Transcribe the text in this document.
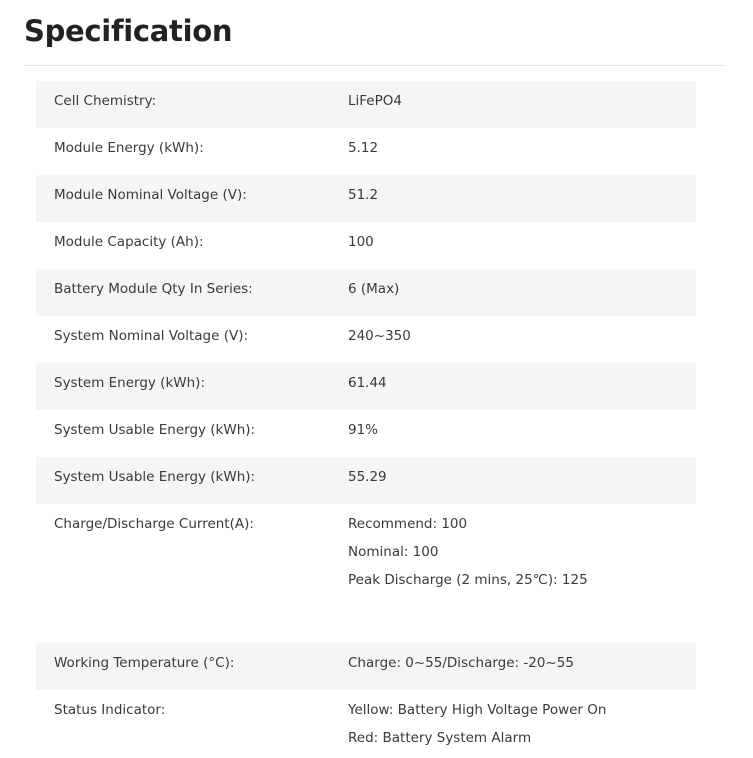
Specification
Cell Chemistry:	LiFePO4
Module Energy (kWh):	5.12
Module Nominal Voltage (V):	51.2
Module Capacity (Ah):	100
Battery Module Qty In Series:	6 (Max)
System Nominal Voltage (V):	240~350
System Energy (kWh):	61.44
System Usable Energy (kWh):	91%
System Usable Energy (kWh):	55.29
Charge/Discharge Current(A):	Recommend: 100
Nominal: 100
Peak Discharge (2 mins, 25℃): 125
Working Temperature (°C):	Charge: 0~55/Discharge: -20~55
Status Indicator:	Yellow: Battery High Voltage Power On
Red: Battery System Alarm
